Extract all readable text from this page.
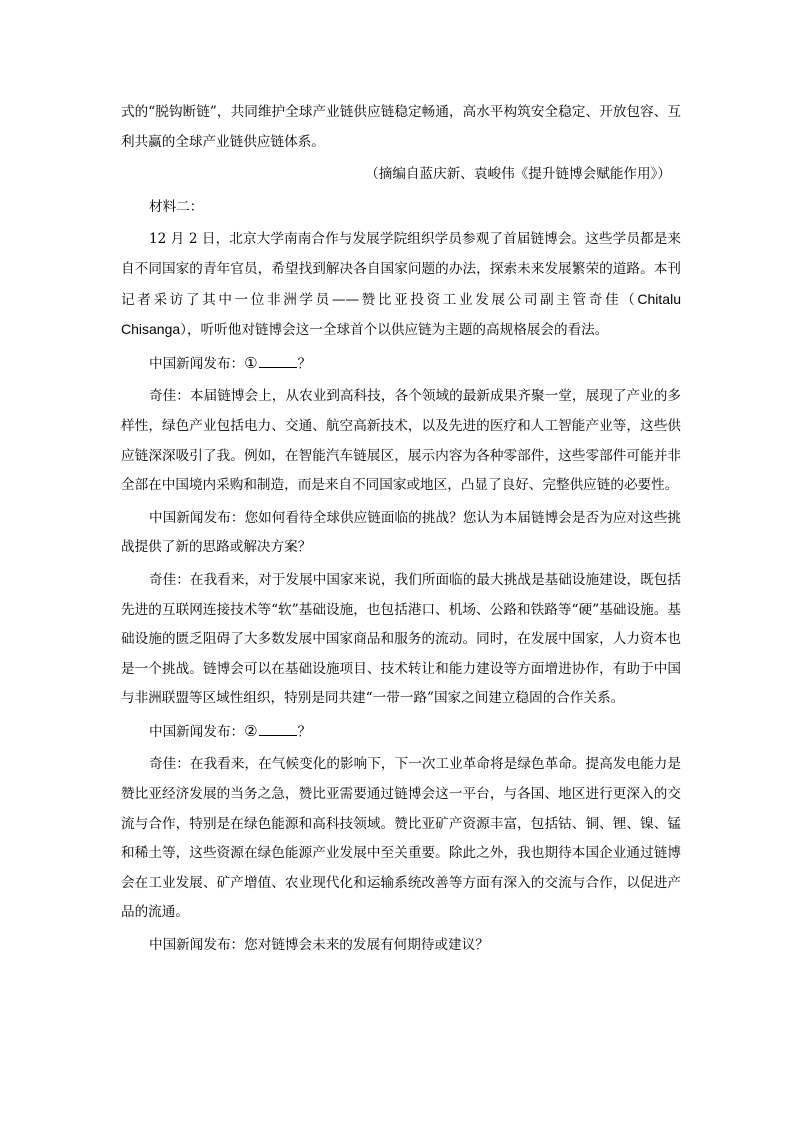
式的“脱钩断链”，共同维护全球产业链供应链稳定畅通，高水平构筑安全稳定、开放包容、互利共赢的全球产业链供应链体系。

（摘编自蓝庆新、袁峻伟《提升链博会赋能作用》）

材料二：

12 月 2 日，北京大学南南合作与发展学院组织学员参观了首届链博会。这些学员都是来自不同国家的青年官员，希望找到解决各自国家问题的办法，探索未来发展繁荣的道路。本刊记者采访了其中一位非洲学员——赞比亚投资工业发展公司副主管奇佳（Chitalu Chisanga），听听他对链博会这一全球首个以供应链为主题的高规格展会的看法。

中国新闻发布：①	？

奇佳：本届链博会上，从农业到高科技，各个领域的最新成果齐聚一堂，展现了产业的多样性，绿色产业包括电力、交通、航空高新技术，以及先进的医疗和人工智能产业等，这些供应链深深吸引了我。例如，在智能汽车链展区，展示内容为各种零部件，这些零部件可能并非全部在中国境内采购和制造，而是来自不同国家或地区，凸显了良好、完整供应链的必要性。

中国新闻发布：您如何看待全球供应链面临的挑战？您认为本届链博会是否为应对这些挑战提供了新的思路或解决方案？

奇佳：在我看来，对于发展中国家来说，我们所面临的最大挑战是基础设施建设，既包括先进的互联网连接技术等“软”基础设施，也包括港口、机场、公路和铁路等“硬”基础设施。基础设施的匮乏阻碍了大多数发展中国家商品和服务的流动。同时，在发展中国家，人力资本也是一个挑战。链博会可以在基础设施项目、技术转让和能力建设等方面增进协作，有助于中国与非洲联盟等区域性组织，特别是同共建“一带一路”国家之间建立稳固的合作关系。

中国新闻发布：②	？

奇佳：在我看来，在气候变化的影响下，下一次工业革命将是绿色革命。提高发电能力是赞比亚经济发展的当务之急，赞比亚需要通过链博会这一平台，与各国、地区进行更深入的交流与合作，特别是在绿色能源和高科技领域。赞比亚矿产资源丰富，包括钴、铜、锂、镍、锰和稀土等，这些资源在绿色能源产业发展中至关重要。除此之外，我也期待本国企业通过链博会在工业发展、矿产增值、农业现代化和运输系统改善等方面有深入的交流与合作，以促进产品的流通。

中国新闻发布：您对链博会未来的发展有何期待或建议？
